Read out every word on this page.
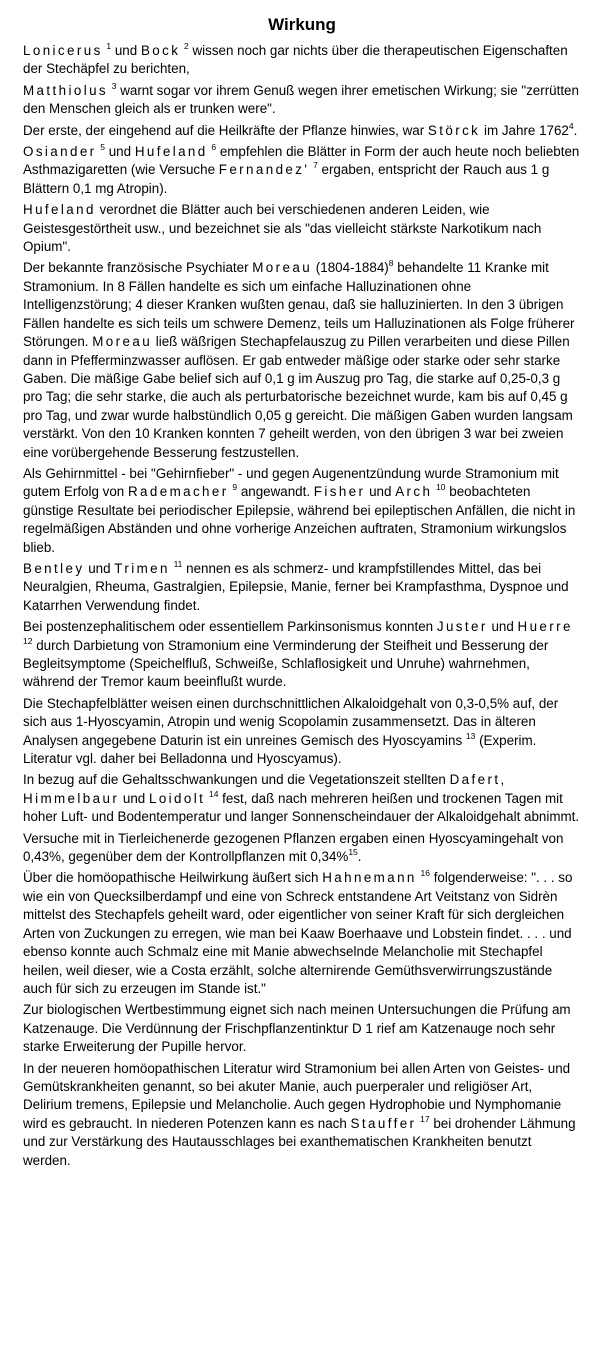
Wirkung

Lonicerus $^1$ und Bock $^2$ wissen noch gar nichts über die therapeutischen Eigenschaften der Stechäpfel zu berichten,

Matthiolus $^3$ warnt sogar vor ihrem Genuß wegen ihrer emetischen Wirkung; sie "zerrütten den Menschen gleich als er trunken were".

Der erste, der eingehend auf die Heilkräfte der Pflanze hinwies, war Störck im Jahre 1762$^4$.

Osiander $^5$ und Hufeland $^6$ empfehlen die Blätter in Form der auch heute noch beliebten Asthmazigaretten (wie Versuche Fernandez' $^7$ ergaben, entspricht der Rauch aus 1 g Blättern 0,1 mg Atropin).

Hufeland verordnet die Blätter auch bei verschiedenen anderen Leiden, wie Geistesgestörtheit usw., und bezeichnet sie als "das vielleicht stärkste Narkotikum nach Opium".

Der bekannte französische Psychiater Moreau (1804-1884)$^8$ behandelte 11 Kranke mit Stramonium. In 8 Fällen handelte es sich um einfache Halluzinationen ohne Intelligenzstörung; 4 dieser Kranken wußten genau, daß sie halluzinierten. In den 3 übrigen Fällen handelte es sich teils um schwere Demenz, teils um Halluzinationen als Folge früherer Störungen. Moreau ließ wäßrigen Stechapfelauszug zu Pillen verarbeiten und diese Pillen dann in Pfefferminzwasser auflösen. Er gab entweder mäßige oder starke oder sehr starke Gaben. Die mäßige Gabe belief sich auf 0,1 g im Auszug pro Tag, die starke auf 0,25-0,3 g pro Tag; die sehr starke, die auch als perturbatorische bezeichnet wurde, kam bis auf 0,45 g pro Tag, und zwar wurde halbstündlich 0,05 g gereicht. Die mäßigen Gaben wurden langsam verstärkt. Von den 10 Kranken konnten 7 geheilt werden, von den übrigen 3 war bei zweien eine vorübergehende Besserung festzustellen.

Als Gehirnmittel - bei "Gehirnfieber" - und gegen Augenentzündung wurde Stramonium mit gutem Erfolg von Rademacher $^9$ angewandt. Fisher und Arch $^{10}$ beobachteten günstige Resultate bei periodischer Epilepsie, während bei epileptischen Anfällen, die nicht in regelmäßigen Abständen und ohne vorherige Anzeichen auftraten, Stramonium wirkungslos blieb.

Bentley und Trimen $^{11}$ nennen es als schmerz- und krampfstillendes Mittel, das bei Neuralgien, Rheuma, Gastralgien, Epilepsie, Manie, ferner bei Krampfasthma, Dyspnoe und Katarrhen Verwendung findet.

Bei postenzephalitischem oder essentiellem Parkinsonismus konnten Juster und Huerre $^{12}$ durch Darbietung von Stramonium eine Verminderung der Steifheit und Besserung der Begleitsymptome (Speichelfluß, Schweiße, Schlaflosigkeit und Unruhe) wahrnehmen, während der Tremor kaum beeinflußt wurde.

Die Stechapfelblätter weisen einen durchschnittlichen Alkaloidgehalt von 0,3-0,5% auf, der sich aus 1-Hyoscyamin, Atropin und wenig Scopolamin zusammensetzt. Das in älteren Analysen angegebene Daturin ist ein unreines Gemisch des Hyoscyamins $^{13}$ (Experim. Literatur vgl. daher bei Belladonna und Hyoscyamus).

In bezug auf die Gehaltsschwankungen und die Vegetationszeit stellten Dafert, Himmelbaur und Loidolt $^{14}$ fest, daß nach mehreren heißen und trockenen Tagen mit hoher Luft- und Bodentemperatur und langer Sonnenscheindauer der Alkaloidgehalt abnimmt.

Versuche mit in Tierleichenerde gezogenen Pflanzen ergaben einen Hyoscyamingehalt von 0,43%, gegenüber dem der Kontrollpflanzen mit 0,34%$^{15}$.

Über die homöopathische Heilwirkung äußert sich Hahnemann $^{16}$ folgenderweise: ". . . so wie ein von Quecksilberdampf und eine von Schreck entstandene Art Veitstanz von Sidrèn mittelst des Stechapfels geheilt ward, oder eigentlicher von seiner Kraft für sich dergleichen Arten von Zuckungen zu erregen, wie man bei Kaaw Boerhaave und Lobstein findet. . . . und ebenso konnte auch Schmalz eine mit Manie abwechselnde Melancholie mit Stechapfel heilen, weil dieser, wie a Costa erzählt, solche alternirende Gemüthsverwirrungszustände auch für sich zu erzeugen im Stande ist."

Zur biologischen Wertbestimmung eignet sich nach meinen Untersuchungen die Prüfung am Katzenauge. Die Verdünnung der Frischpflanzentinktur D 1 rief am Katzenauge noch sehr starke Erweiterung der Pupille hervor.

In der neueren homöopathischen Literatur wird Stramonium bei allen Arten von Geistes- und Gemütskrankheiten genannt, so bei akuter Manie, auch puerperaler und religiöser Art, Delirium tremens, Epilepsie und Melancholie. Auch gegen Hydrophobie und Nymphomanie wird es gebraucht. In niederen Potenzen kann es nach Stauffer $^{17}$ bei drohender Lähmung und zur Verstärkung des Hautausschlages bei exanthematischen Krankheiten benutzt werden.
